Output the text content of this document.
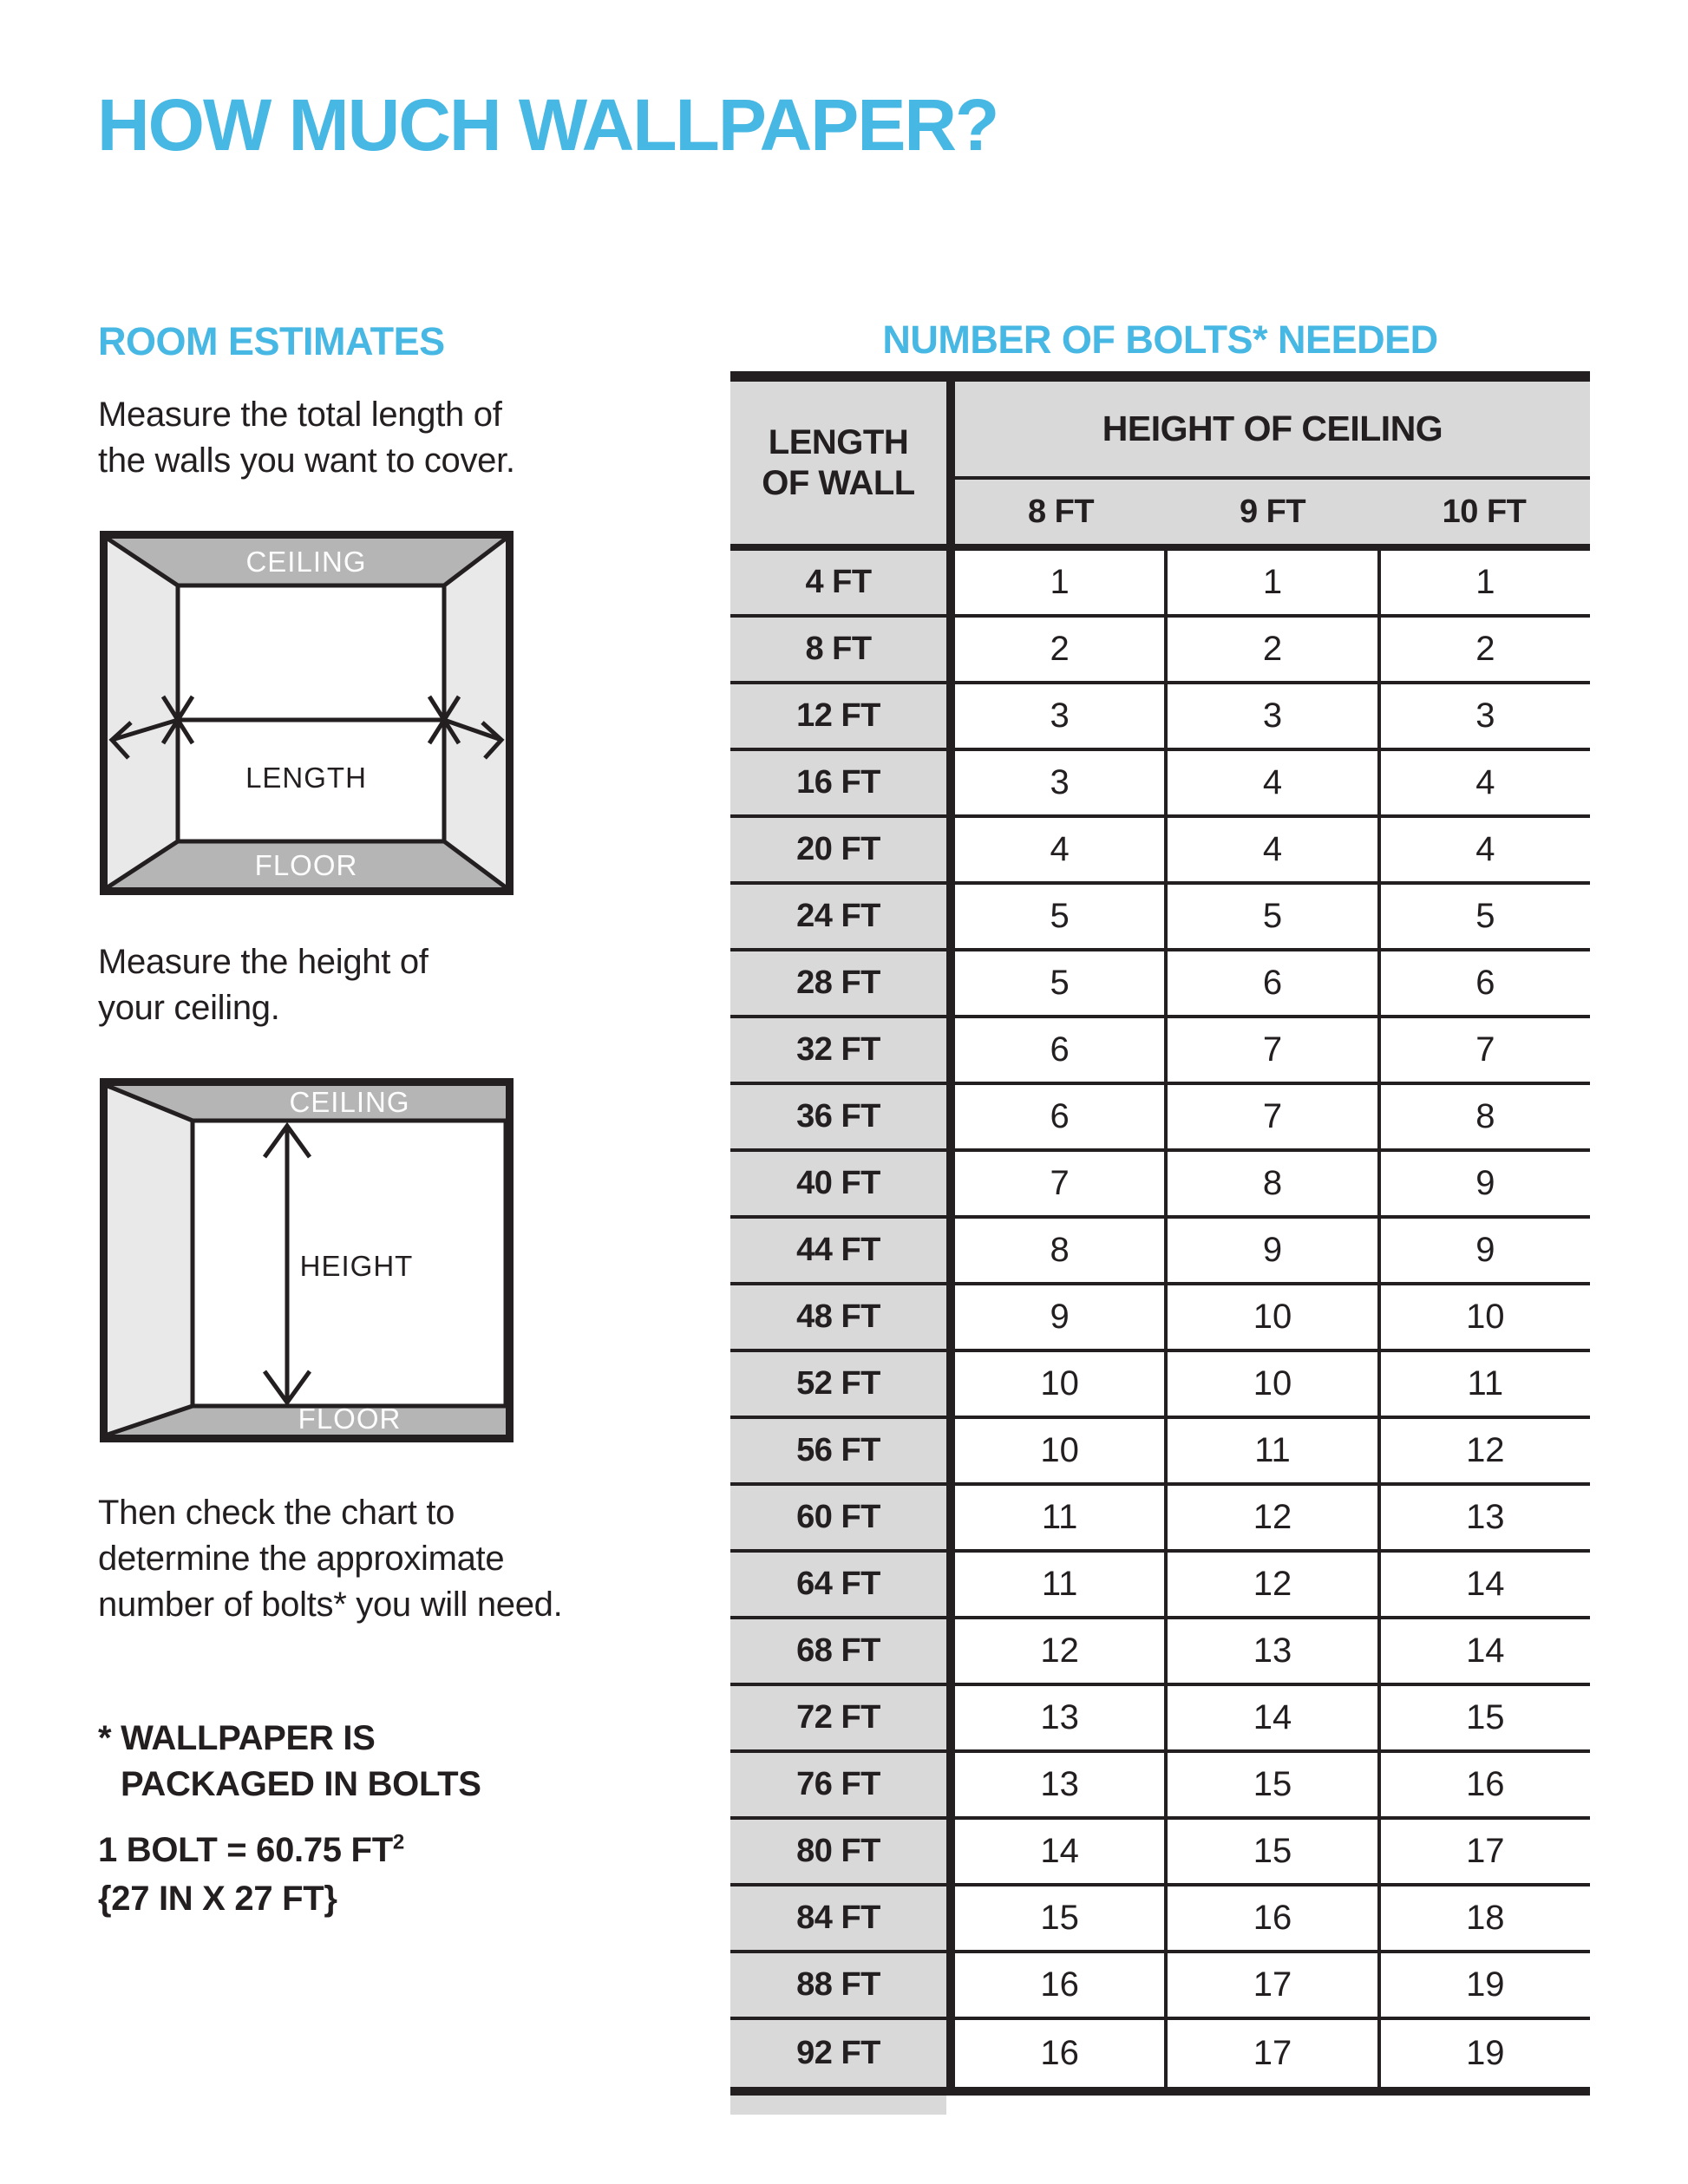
HOW MUCH WALLPAPER?
ROOM ESTIMATES
Measure the total length of
the walls you want to cover.
CEILING
FLOOR
LENGTH
Measure the height of
your ceiling.
CEILING
FLOOR
HEIGHT
Then check the chart to
determine the approximate
number of bolts* you will need.
* WALLPAPER IS
PACKAGED IN BOLTS
1 BOLT = 60.75 $FT^2$
{27 IN X 27 FT}
NUMBER OF BOLTS* NEEDED
LENGTH
OF WALL
HEIGHT OF CEILING
8 FT	9 FT	10 FT
4 FT	1	1	1
8 FT	2	2	2
12 FT	3	3	3
16 FT	3	4	4
20 FT	4	4	4
24 FT	5	5	5
28 FT	5	6	6
32 FT	6	7	7
36 FT	6	7	8
40 FT	7	8	9
44 FT	8	9	9
48 FT	9	10	10
52 FT	10	10	11
56 FT	10	11	12
60 FT	11	12	13
64 FT	11	12	14
68 FT	12	13	14
72 FT	13	14	15
76 FT	13	15	16
80 FT	14	15	17
84 FT	15	16	18
88 FT	16	17	19
92 FT	16	17	19
